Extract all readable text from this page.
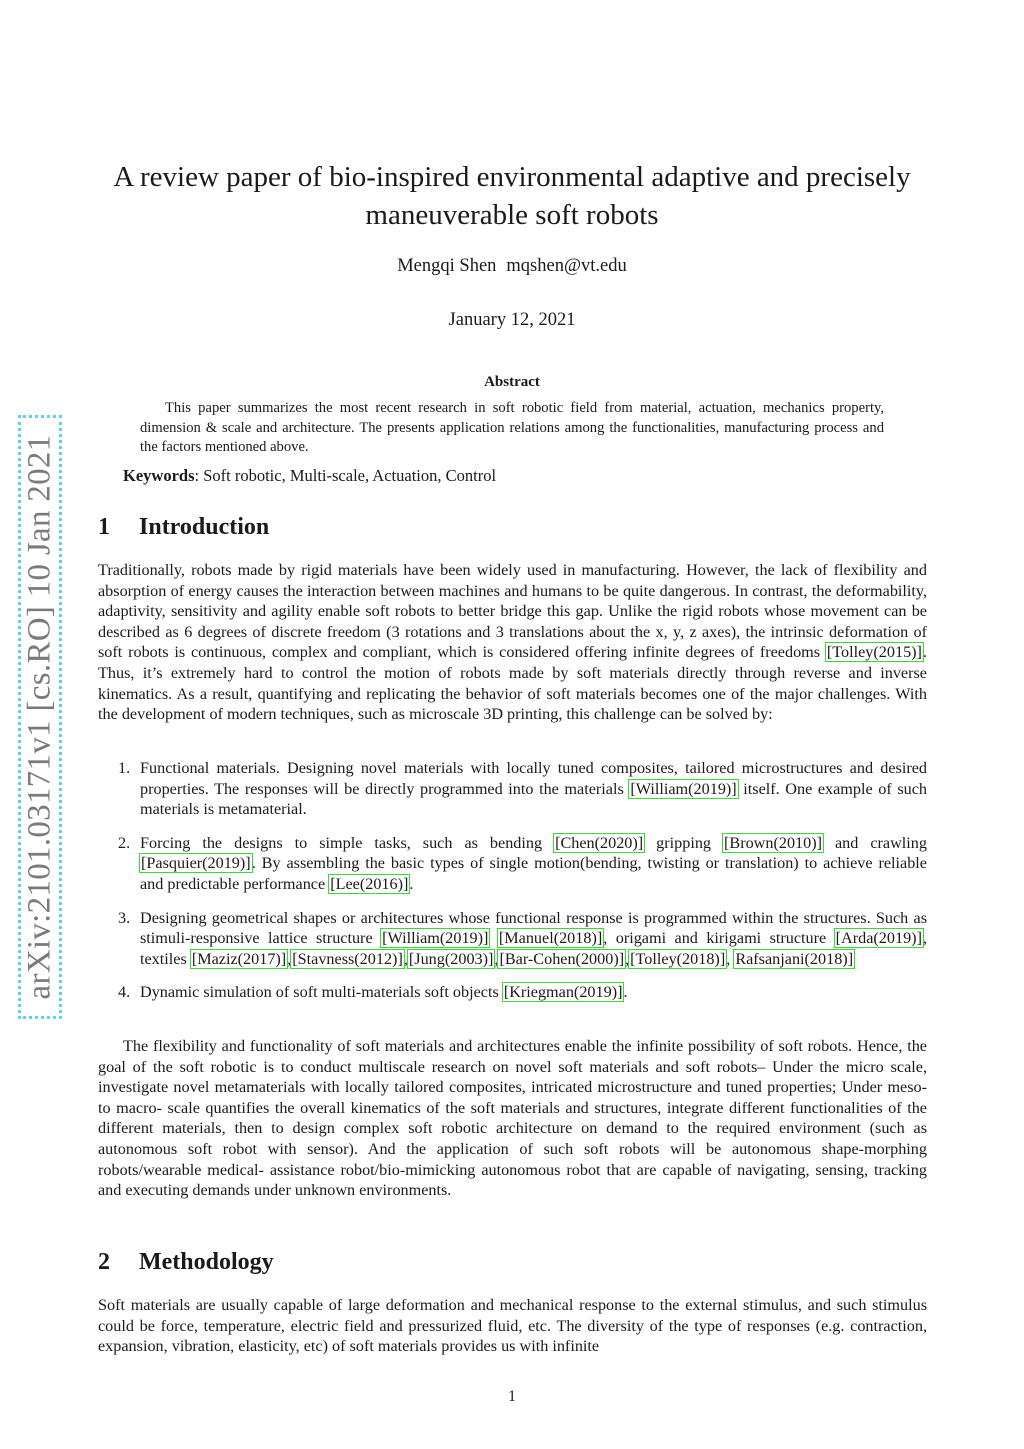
arXiv:2101.03171v1 [cs.RO] 10 Jan 2021
A review paper of bio-inspired environmental adaptive and precisely
maneuverable soft robots
Mengqi Shen mqshen@vt.edu
January 12, 2021
Abstract

This paper summarizes the most recent research in soft robotic field from material, actuation, mechanics property, dimension & scale and architecture. The presents application relations among the functionalities, manufacturing process and the factors mentioned above.

Keywords: Soft robotic, Multi-scale, Actuation, Control
1 Introduction

Traditionally, robots made by rigid materials have been widely used in manufacturing. However, the lack of flexibility and absorption of energy causes the interaction between machines and humans to be quite dangerous. In contrast, the deformability, adaptivity, sensitivity and agility enable soft robots to better bridge this gap. Unlike the rigid robots whose movement can be described as 6 degrees of discrete freedom (3 rotations and 3 translations about the x, y, z axes), the intrinsic deformation of soft robots is continuous, complex and compliant, which is considered offering infinite degrees of freedoms [Tolley(2015)]. Thus, it’s extremely hard to control the motion of robots made by soft materials directly through reverse and inverse kinematics. As a result, quantifying and replicating the behavior of soft materials becomes one of the major challenges. With the development of modern techniques, such as microscale 3D printing, this challenge can be solved by:

1. Functional materials. Designing novel materials with locally tuned composites, tailored microstructures and desired properties. The responses will be directly programmed into the materials [William(2019)] itself. One example of such materials is metamaterial.
2. Forcing the designs to simple tasks, such as bending [Chen(2020)] gripping [Brown(2010)] and crawling [Pasquier(2019)]. By assembling the basic types of single motion(bending, twisting or translation) to achieve reliable and predictable performance [Lee(2016)].
3. Designing geometrical shapes or architectures whose functional response is programmed within the structures. Such as stimuli-responsive lattice structure [William(2019)] [Manuel(2018)], origami and kirigami structure [Arda(2019)], textiles [Maziz(2017)],[Stavness(2012)],[Jung(2003)],[Bar-Cohen(2000)],[Tolley(2018)], Rafsanjani(2018)]
4. Dynamic simulation of soft multi-materials soft objects [Kriegman(2019)].

The flexibility and functionality of soft materials and architectures enable the infinite possibility of soft robots. Hence, the goal of the soft robotic is to conduct multiscale research on novel soft materials and soft robots– Under the micro scale, investigate novel metamaterials with locally tailored composites, intricated microstructure and tuned properties; Under meso- to macro- scale quantifies the overall kinematics of the soft materials and structures, integrate different functionalities of the different materials, then to design complex soft robotic architecture on demand to the required environment (such as autonomous soft robot with sensor). And the application of such soft robots will be autonomous shape-morphing robots/wearable medical- assistance robot/bio-mimicking autonomous robot that are capable of navigating, sensing, tracking and executing demands under unknown environments.

2 Methodology

Soft materials are usually capable of large deformation and mechanical response to the external stimulus, and such stimulus could be force, temperature, electric field and pressurized fluid, etc. The diversity of the type of responses (e.g. contraction, expansion, vibration, elasticity, etc) of soft materials provides us with infinite

1
